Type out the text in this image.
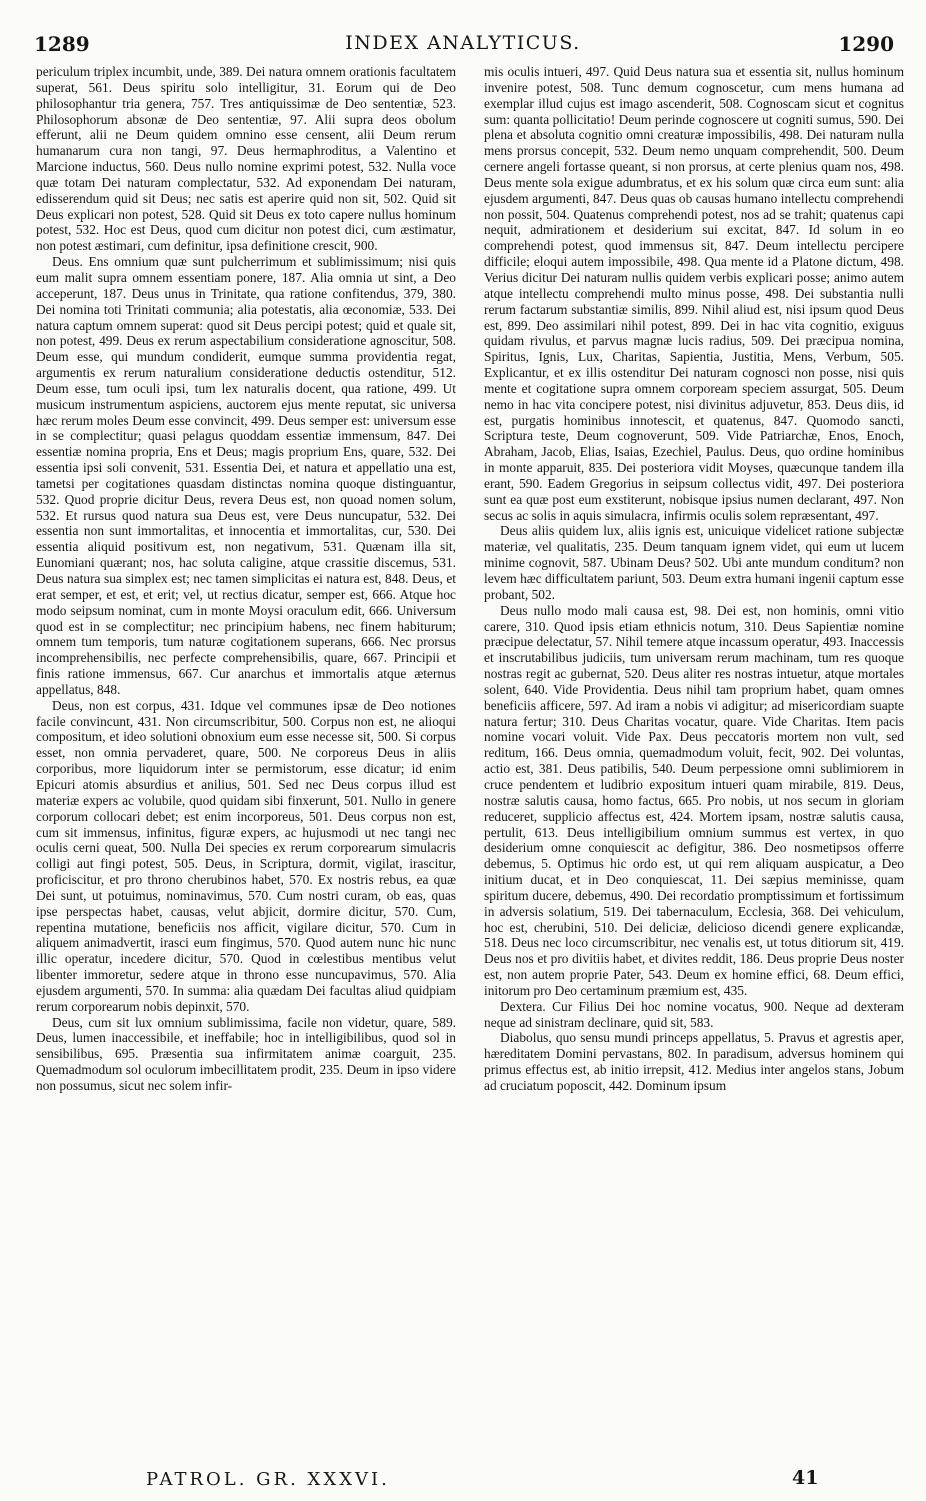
1289	INDEX ANALYTICUS.	1290

periculum triplex incumbit, unde, 389. Dei natura omnem orationis facultatem superat, 561. Deus spiritu solo intelligitur, 31. Eorum qui de Deo philosophantur tria genera, 757. Tres antiquissimæ de Deo sententiæ, 523. Philosophorum absonæ de Deo sententiæ, 97. Alii supra deos obolum efferunt, alii ne Deum quidem omnino esse censent, alii Deum rerum humanarum cura non tangi, 97. Deus hermaphroditus, a Valentino et Marcione inductus, 560. Deus nullo nomine exprimi potest, 532. Nulla voce quæ totam Dei naturam complectatur, 532. Ad exponendam Dei naturam, edisserendum quid sit Deus; nec satis est aperire quid non sit, 502. Quid sit Deus explicari non potest, 528. Quid sit Deus ex toto capere nullus hominum potest, 532. Hoc est Deus, quod cum dicitur non potest dici, cum æstimatur, non potest æstimari, cum definitur, ipsa definitione crescit, 900.

Deus. Ens omnium quæ sunt pulcherrimum et sublimissimum; nisi quis eum malit supra omnem essentiam ponere, 187. Alia omnia ut sint, a Deo acceperunt, 187. Deus unus in Trinitate, qua ratione confitendus, 379, 380. Dei nomina toti Trinitati communia; alia potestatis, alia œconomiæ, 533. Dei natura captum omnem superat: quod sit Deus percipi potest; quid et quale sit, non potest, 499. Deus ex rerum aspectabilium consideratione agnoscitur, 508. Deum esse, qui mundum condiderit, eumque summa providentia regat, argumentis ex rerum naturalium consideratione deductis ostenditur, 512. Deum esse, tum oculi ipsi, tum lex naturalis docent, qua ratione, 499. Ut musicum instrumentum aspiciens, auctorem ejus mente reputat, sic universa hæc rerum moles Deum esse convincit, 499. Deus semper est: universum esse in se complectitur; quasi pelagus quoddam essentiæ immensum, 847. Dei essentiæ nomina propria, Ens et Deus; magis proprium Ens, quare, 532. Dei essentia ipsi soli convenit, 531. Essentia Dei, et natura et appellatio una est, tametsi per cogitationes quasdam distinctas nomina quoque distinguantur, 532. Quod proprie dicitur Deus, revera Deus est, non quoad nomen solum, 532. Et rursus quod natura sua Deus est, vere Deus nuncupatur, 532. Dei essentia non sunt immortalitas, et innocentia et immortalitas, cur, 530. Dei essentia aliquid positivum est, non negativum, 531. Quænam illa sit, Eunomiani quærant; nos, hac soluta caligine, atque crassitie discemus, 531. Deus natura sua simplex est; nec tamen simplicitas ei natura est, 848. Deus, et erat semper, et est, et erit; vel, ut rectius dicatur, semper est, 666. Atque hoc modo seipsum nominat, cum in monte Moysi oraculum edit, 666. Universum quod est in se complectitur; nec principium habens, nec finem habiturum; omnem tum temporis, tum naturæ cogitationem superans, 666. Nec prorsus incomprehensibilis, nec perfecte comprehensibilis, quare, 667. Principii et finis ratione immensus, 667. Cur anarchus et immortalis atque æternus appellatus, 848.

Deus, non est corpus, 431. Idque vel communes ipsæ de Deo notiones facile convincunt, 431. Non circumscribitur, 500. Corpus non est, ne alioqui compositum, et ideo solutioni obnoxium eum esse necesse sit, 500. Si corpus esset, non omnia pervaderet, quare, 500. Ne corporeus Deus in aliis corporibus, more liquidorum inter se permistorum, esse dicatur; id enim Epicuri atomis absurdius et anilius, 501. Sed nec Deus corpus illud est materiæ expers ac volubile, quod quidam sibi finxerunt, 501. Nullo in genere corporum collocari debet; est enim incorporeus, 501. Deus corpus non est, cum sit immensus, infinitus, figuræ expers, ac hujusmodi ut nec tangi nec oculis cerni queat, 500. Nulla Dei species ex rerum corporearum simulacris colligi aut fingi potest, 505. Deus, in Scriptura, dormit, vigilat, irascitur, proficiscitur, et pro throno cherubinos habet, 570. Ex nostris rebus, ea quæ Dei sunt, ut potuimus, nominavimus, 570. Cum nostri curam, ob eas, quas ipse perspectas habet, causas, velut abjicit, dormire dicitur, 570. Cum, repentina mutatione, beneficiis nos afficit, vigilare dicitur, 570. Cum in aliquem animadvertit, irasci eum fingimus, 570. Quod autem nunc hic nunc illic operatur, incedere dicitur, 570. Quod in cœlestibus mentibus velut libenter immoretur, sedere atque in throno esse nuncupavimus, 570. Alia ejusdem argumenti, 570. In summa: alia quædam Dei facultas aliud quidpiam rerum corporearum nobis depinxit, 570.

Deus, cum sit lux omnium sublimissima, facile non videtur, quare, 589. Deus, lumen inaccessibile, et ineffabile; hoc in intelligibilibus, quod sol in sensibilibus, 695. Præsentia sua infirmitatem animæ coarguit, 235. Quemadmodum sol oculorum imbecillitatem prodit, 235. Deum in ipso videre non possumus, sicut nec solem infir-

mis oculis intueri, 497. Quid Deus natura sua et essentia sit, nullus hominum invenire potest, 508. Tunc demum cognoscetur, cum mens humana ad exemplar illud cujus est imago ascenderit, 508. Cognoscam sicut et cognitus sum: quanta pollicitatio! Deum perinde cognoscere ut cogniti sumus, 590. Dei plena et absoluta cognitio omni creaturæ impossibilis, 498. Dei naturam nulla mens prorsus concepit, 532. Deum nemo unquam comprehendit, 500. Deum cernere angeli fortasse queant, si non prorsus, at certe plenius quam nos, 498. Deus mente sola exigue adumbratus, et ex his solum quæ circa eum sunt: alia ejusdem argumenti, 847. Deus quas ob causas humano intellectu comprehendi non possit, 504. Quatenus comprehendi potest, nos ad se trahit; quatenus capi nequit, admirationem et desiderium sui excitat, 847. Id solum in eo comprehendi potest, quod immensus sit, 847. Deum intellectu percipere difficile; eloqui autem impossibile, 498. Qua mente id a Platone dictum, 498. Verius dicitur Dei naturam nullis quidem verbis explicari posse; animo autem atque intellectu comprehendi multo minus posse, 498. Dei substantia nulli rerum factarum substantiæ similis, 899. Nihil aliud est, nisi ipsum quod Deus est, 899. Deo assimilari nihil potest, 899. Dei in hac vita cognitio, exiguus quidam rivulus, et parvus magnæ lucis radius, 509. Dei præcipua nomina, Spiritus, Ignis, Lux, Charitas, Sapientia, Justitia, Mens, Verbum, 505. Explicantur, et ex illis ostenditur Dei naturam cognosci non posse, nisi quis mente et cogitatione supra omnem corpoream speciem assurgat, 505. Deum nemo in hac vita concipere potest, nisi divinitus adjuvetur, 853. Deus diis, id est, purgatis hominibus innotescit, et quatenus, 847. Quomodo sancti, Scriptura teste, Deum cognoverunt, 509. Vide Patriarchæ, Enos, Enoch, Abraham, Jacob, Elias, Isaias, Ezechiel, Paulus. Deus, quo ordine hominibus in monte apparuit, 835. Dei posteriora vidit Moyses, quæcunque tandem illa erant, 590. Eadem Gregorius in seipsum collectus vidit, 497. Dei posteriora sunt ea quæ post eum exstiterunt, nobisque ipsius numen declarant, 497. Non secus ac solis in aquis simulacra, infirmis oculis solem repræsentant, 497.

Deus aliis quidem lux, aliis ignis est, unicuique videlicet ratione subjectæ materiæ, vel qualitatis, 235. Deum tanquam ignem videt, qui eum ut lucem minime cognovit, 587. Ubinam Deus? 502. Ubi ante mundum conditum? non levem hæc difficultatem pariunt, 503. Deum extra humani ingenii captum esse probant, 502.

Deus nullo modo mali causa est, 98. Dei est, non hominis, omni vitio carere, 310. Quod ipsis etiam ethnicis notum, 310. Deus Sapientiæ nomine præcipue delectatur, 57. Nihil temere atque incassum operatur, 493. Inaccessis et inscrutabilibus judiciis, tum universam rerum machinam, tum res quoque nostras regit ac gubernat, 520. Deus aliter res nostras intuetur, atque mortales solent, 640. Vide Providentia. Deus nihil tam proprium habet, quam omnes beneficiis afficere, 597. Ad iram a nobis vi adigitur; ad misericordiam suapte natura fertur; 310. Deus Charitas vocatur, quare. Vide Charitas. Item pacis nomine vocari voluit. Vide Pax. Deus peccatoris mortem non vult, sed reditum, 166. Deus omnia, quemadmodum voluit, fecit, 902. Dei voluntas, actio est, 381. Deus patibilis, 540. Deum perpessione omni sublimiorem in cruce pendentem et ludibrio expositum intueri quam mirabile, 819. Deus, nostræ salutis causa, homo factus, 665. Pro nobis, ut nos secum in gloriam reduceret, supplicio affectus est, 424. Mortem ipsam, nostræ salutis causa, pertulit, 613. Deus intelligibilium omnium summus est vertex, in quo desiderium omne conquiescit ac defigitur, 386. Deo nosmetipsos offerre debemus, 5. Optimus hic ordo est, ut qui rem aliquam auspicatur, a Deo initium ducat, et in Deo conquiescat, 11. Dei sæpius meminisse, quam spiritum ducere, debemus, 490. Dei recordatio promptissimum et fortissimum in adversis solatium, 519. Dei tabernaculum, Ecclesia, 368. Dei vehiculum, hoc est, cherubini, 510. Dei deliciæ, delicioso dicendi genere explicandæ, 518. Deus nec loco circumscribitur, nec venalis est, ut totus ditiorum sit, 419. Deus nos et pro divitiis habet, et divites reddit, 186. Deus proprie Deus noster est, non autem proprie Pater, 543. Deum ex homine effici, 68. Deum effici, initorum pro Deo certaminum præmium est, 435.

Dextera. Cur Filius Dei hoc nomine vocatus, 900. Neque ad dexteram neque ad sinistram declinare, quid sit, 583.

Diabolus, quo sensu mundi princeps appellatus, 5. Pravus et agrestis aper, hæreditatem Domini pervastans, 802. In paradisum, adversus hominem qui primus effectus est, ab initio irrepsit, 412. Medius inter angelos stans, Jobum ad cruciatum poposcit, 442. Dominum ipsum

PATROL. GR. XXXVI.	41
